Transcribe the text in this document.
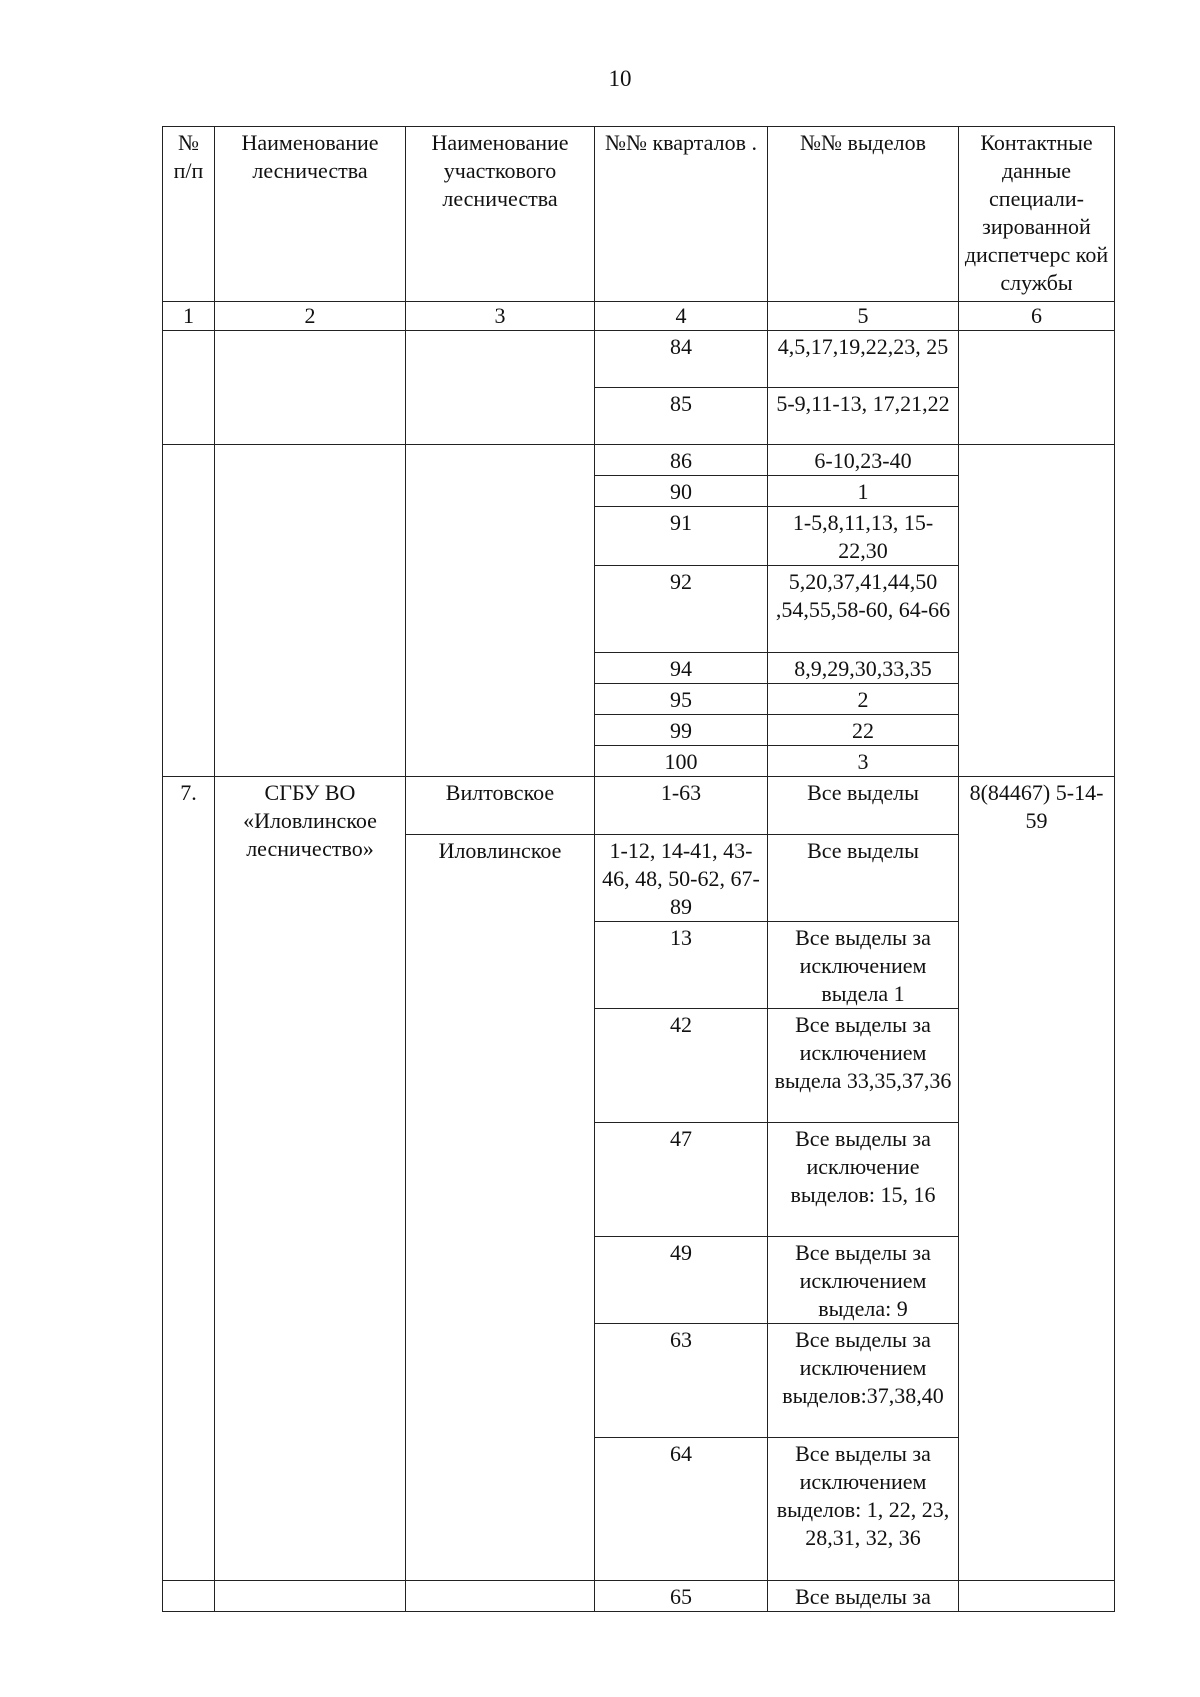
10
№ п/п	Наименование лесничества	Наименование участкового лесничества	№№ кварталов .	№№ выделов	Контактные данные специали-зированной диспетчерс кой службы
1	2	3	4	5	6
			84	4,5,17,19,22,23, 25	
			85	5-9,11-13, 17,21,22	
			86	6-10,23-40	
			90	1	
			91	1-5,8,11,13, 15-22,30	
			92	5,20,37,41,44,50 ,54,55,58-60, 64-66	
			94	8,9,29,30,33,35	
			95	2	
			99	22	
			100	3	
7.	СГБУ ВО «Иловлинское лесничество»	Вилтовское	1-63	Все выделы	8(84467) 5-14-59
		Иловлинское	1-12, 14-41, 43-46, 48, 50-62, 67-89	Все выделы	
			13	Все выделы за исключением выдела 1	
			42	Все выделы за исключением выдела 33,35,37,36	
			47	Все выделы за исключение выделов: 15, 16	
			49	Все выделы за исключением выдела: 9	
			63	Все выделы за исключением выделов:37,38,40	
			64	Все выделы за исключением выделов: 1, 22, 23, 28,31, 32, 36	
			65	Все выделы за	
